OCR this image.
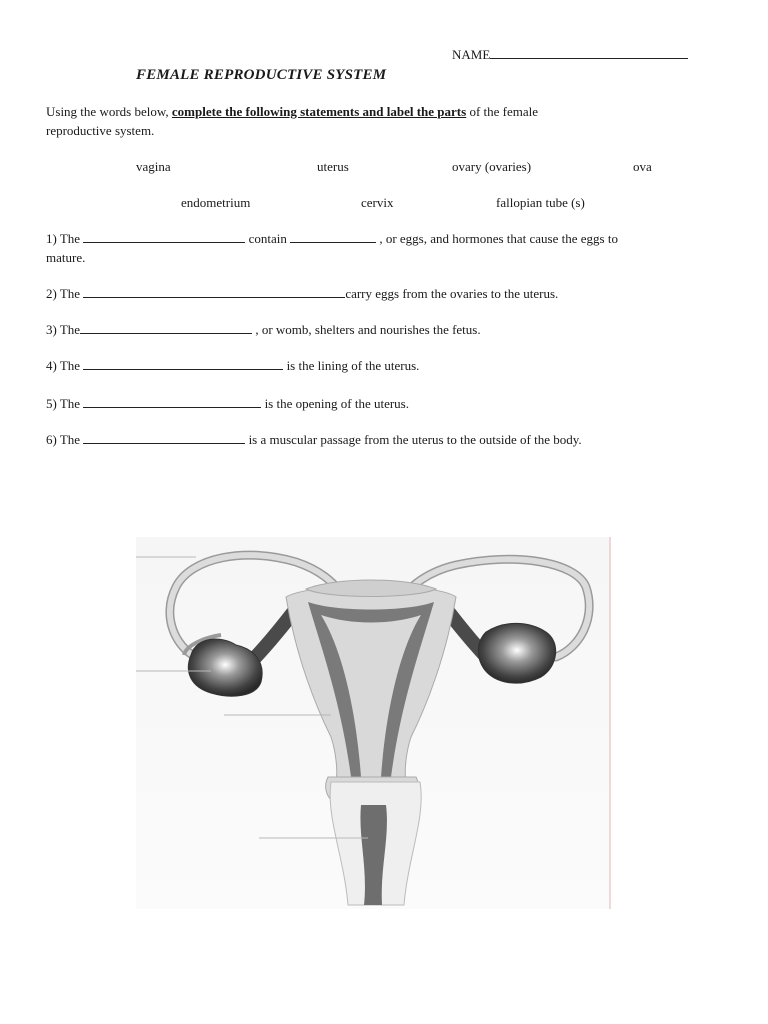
NAME
FEMALE REPRODUCTIVE SYSTEM
Using the words below, complete the following statements and label the parts of the female
reproductive system.
vagina	uterus	ovary (ovaries)	ova
endometrium	cervix	fallopian tube (s)
1) The	contain	, or eggs, and hormones that cause the eggs to
mature.
2) The	carry eggs from the ovaries to the uterus.
3) The	, or womb, shelters and nourishes the fetus.
4) The	is the lining of the uterus.
5) The	is the opening of the uterus.
6) The	is a muscular passage from the uterus to the outside of the body.
